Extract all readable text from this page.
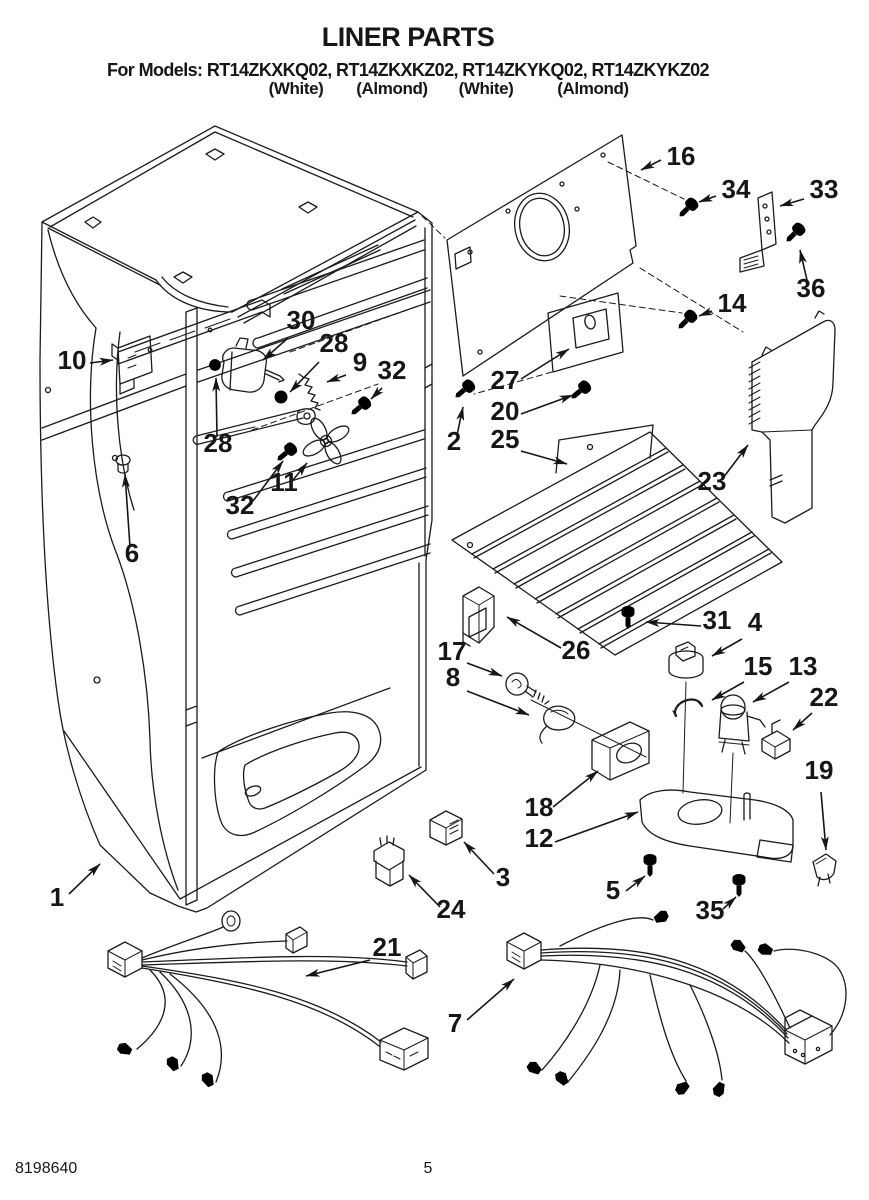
LINER PARTS
For Models: RT14ZKXKQ02, RT14ZKXKZ02, RT14ZKYKQ02, RT14ZKYKZ02
(White) (Almond) (White)	(Almond)
16
34 33
36
14
10
30
28
9 32
28
11
32
27
20
2 25
23
6
31 4
26
17
8	15 13
22
19
18
12
3	5
24	35
1
21
7
8198640	5
